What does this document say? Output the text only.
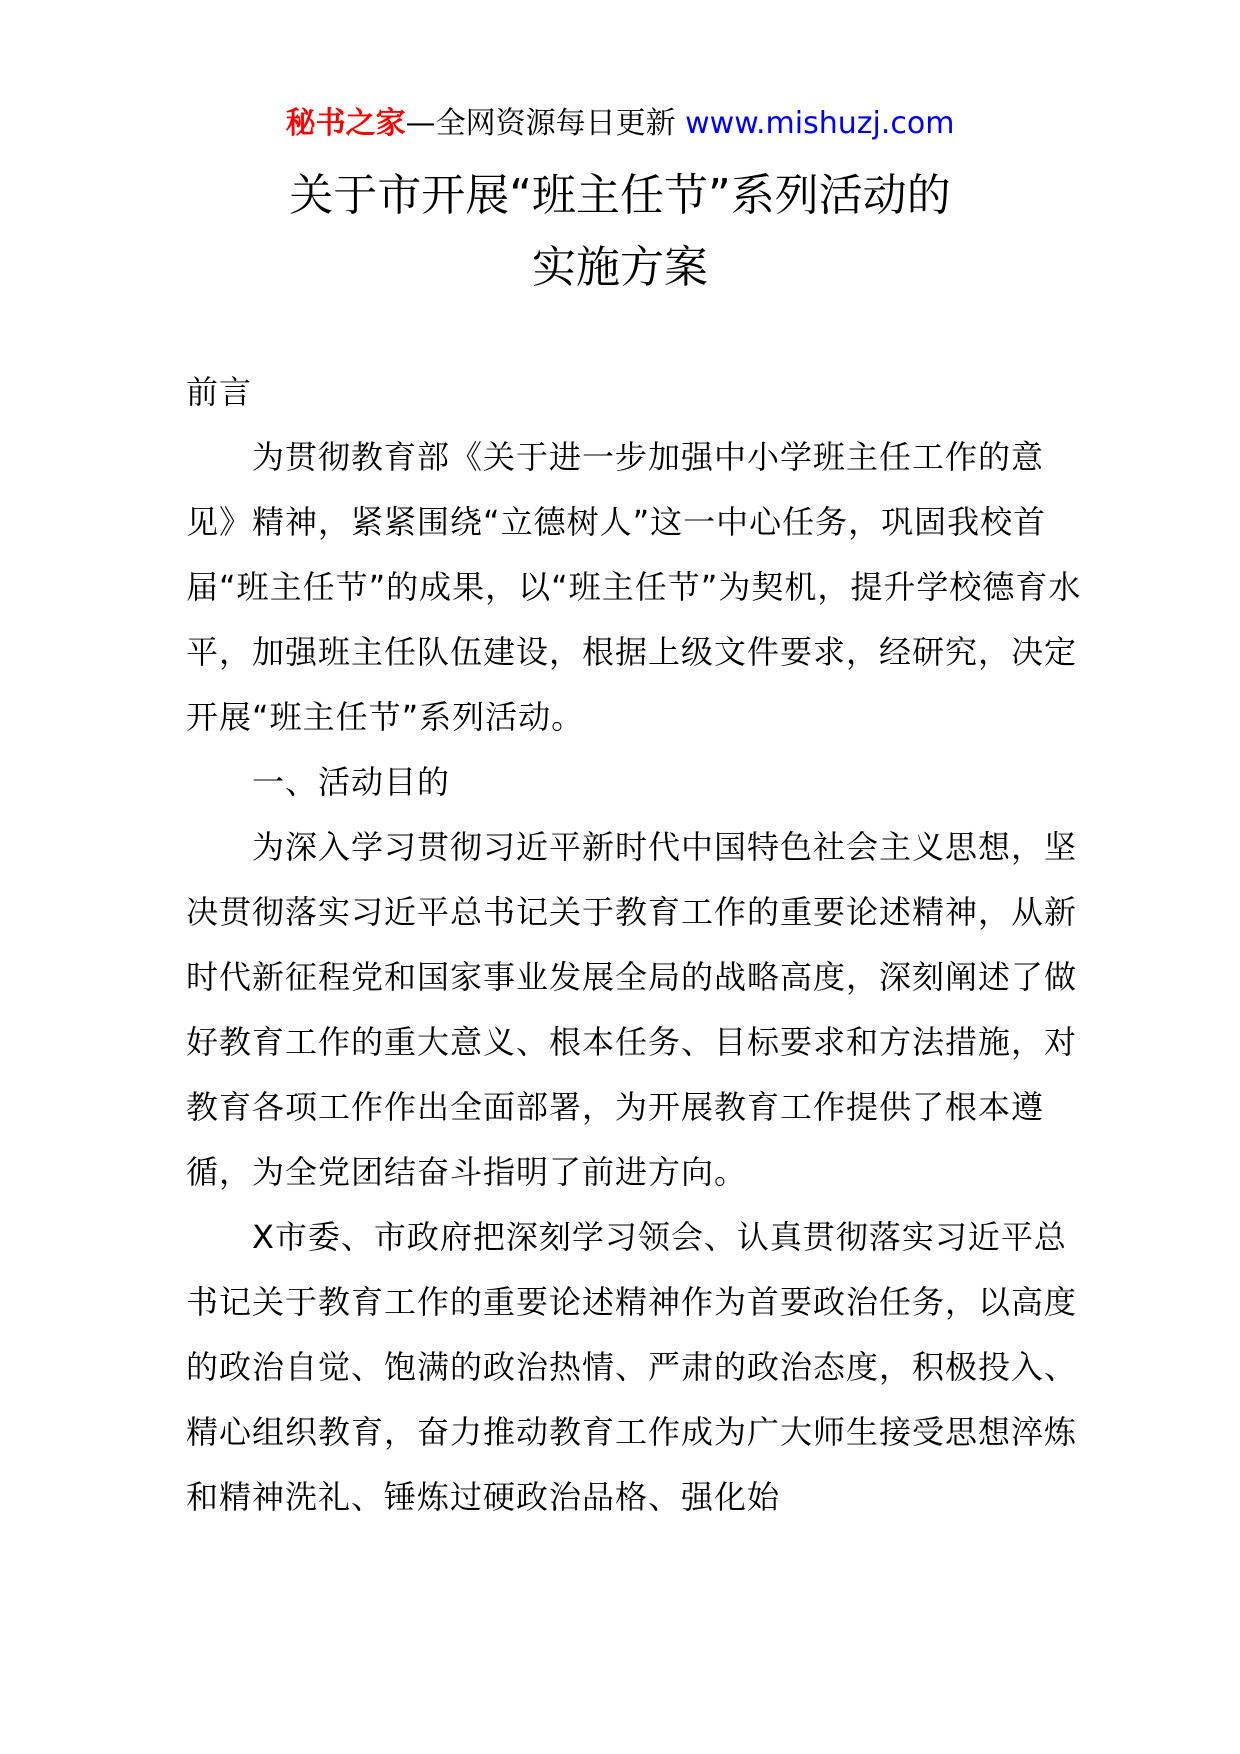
秘书之家—全网资源每日更新 www.mishuzj.com
关于市开展“班主任节”系列活动的
实施方案

前言

为贯彻教育部《关于进一步加强中小学班主任工作的意见》精神，紧紧围绕“立德树人”这一中心任务，巩固我校首届“班主任节”的成果，以“班主任节”为契机，提升学校德育水平，加强班主任队伍建设，根据上级文件要求，经研究，决定开展“班主任节”系列活动。

一、活动目的

为深入学习贯彻习近平新时代中国特色社会主义思想，坚决贯彻落实习近平总书记关于教育工作的重要论述精神，从新时代新征程党和国家事业发展全局的战略高度，深刻阐述了做好教育工作的重大意义、根本任务、目标要求和方法措施，对教育各项工作作出全面部署，为开展教育工作提供了根本遵循，为全党团结奋斗指明了前进方向。

X市委、市政府把深刻学习领会、认真贯彻落实习近平总书记关于教育工作的重要论述精神作为首要政治任务，以高度的政治自觉、饱满的政治热情、严肃的政治态度，积极投入、精心组织教育，奋力推动教育工作成为广大师生接受思想淬炼和精神洗礼、锤炼过硬政治品格、强化始
